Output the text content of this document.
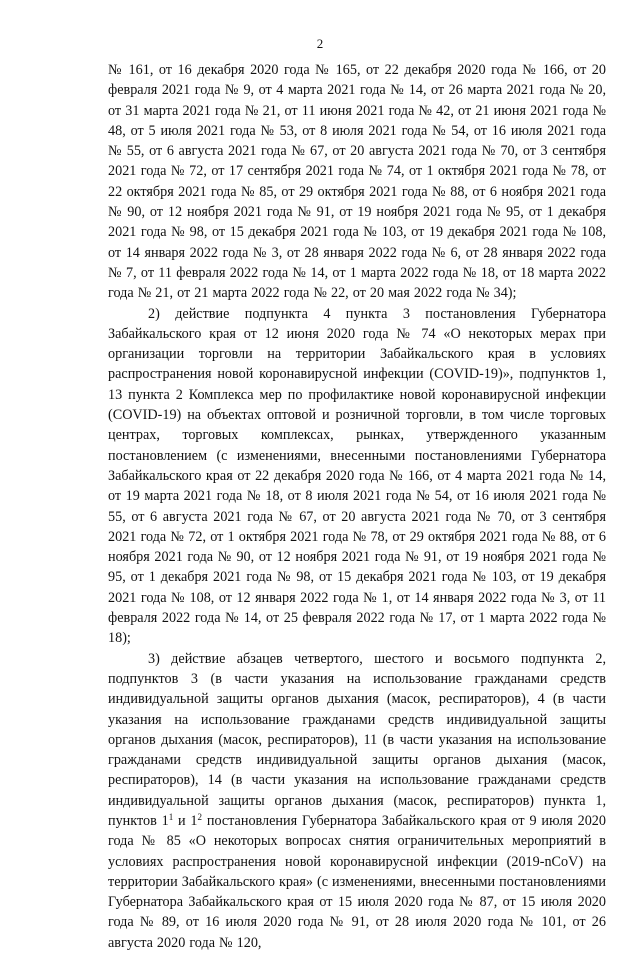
2

№ 161, от 16 декабря 2020 года № 165, от 22 декабря 2020 года № 166, от 20 февраля 2021 года № 9, от 4 марта 2021 года № 14, от 26 марта 2021 года № 20, от 31 марта 2021 года № 21, от 11 июня 2021 года № 42, от 21 июня 2021 года № 48, от 5 июля 2021 года № 53, от 8 июля 2021 года № 54, от 16 июля 2021 года № 55, от 6 августа 2021 года № 67, от 20 августа 2021 года № 70, от 3 сентября 2021 года № 72, от 17 сентября 2021 года № 74, от 1 октября 2021 года № 78, от 22 октября 2021 года № 85, от 29 октября 2021 года № 88, от 6 ноября 2021 года № 90, от 12 ноября 2021 года № 91, от 19 ноября 2021 года № 95, от 1 декабря 2021 года № 98, от 15 декабря 2021 года № 103, от 19 декабря 2021 года № 108, от 14 января 2022 года № 3, от 28 января 2022 года № 6, от 28 января 2022 года № 7, от 11 февраля 2022 года № 14, от 1 марта 2022 года № 18, от 18 марта 2022 года № 21, от 21 марта 2022 года № 22, от 20 мая 2022 года № 34);

2) действие подпункта 4 пункта 3 постановления Губернатора Забайкальского края от 12 июня 2020 года № 74 «О некоторых мерах при организации торговли на территории Забайкальского края в условиях распространения новой коронавирусной инфекции (COVID-19)», подпунктов 1, 13 пункта 2 Комплекса мер по профилактике новой коронавирусной инфекции (COVID-19) на объектах оптовой и розничной торговли, в том числе торговых центрах, торговых комплексах, рынках, утвержденного указанным постановлением (с изменениями, внесенными постановлениями Губернатора Забайкальского края от 22 декабря 2020 года № 166, от 4 марта 2021 года № 14, от 19 марта 2021 года № 18, от 8 июля 2021 года № 54, от 16 июля 2021 года № 55, от 6 августа 2021 года № 67, от 20 августа 2021 года № 70, от 3 сентября 2021 года № 72, от 1 октября 2021 года № 78, от 29 октября 2021 года № 88, от 6 ноября 2021 года № 90, от 12 ноября 2021 года № 91, от 19 ноября 2021 года № 95, от 1 декабря 2021 года № 98, от 15 декабря 2021 года № 103, от 19 декабря 2021 года № 108, от 12 января 2022 года № 1, от 14 января 2022 года № 3, от 11 февраля 2022 года № 14, от 25 февраля 2022 года № 17, от 1 марта 2022 года № 18);

3) действие абзацев четвертого, шестого и восьмого подпункта 2, подпунктов 3 (в части указания на использование гражданами средств индивидуальной защиты органов дыхания (масок, респираторов), 4 (в части указания на использование гражданами средств индивидуальной защиты органов дыхания (масок, респираторов), 11 (в части указания на использование гражданами средств индивидуальной защиты органов дыхания (масок, респираторов), 14 (в части указания на использование гражданами средств индивидуальной защиты органов дыхания (масок, респираторов) пункта 1, пунктов $1^1$ и $1^2$ постановления Губернатора Забайкальского края от 9 июля 2020 года № 85 «О некоторых вопросах снятия ограничительных мероприятий в условиях распространения новой коронавирусной инфекции (2019-nCoV) на территории Забайкальского края» (с изменениями, внесенными постановлениями Губернатора Забайкальского края от 15 июля 2020 года № 87, от 15 июля 2020 года № 89, от 16 июля 2020 года № 91, от 28 июля 2020 года № 101, от 26 августа 2020 года № 120,
